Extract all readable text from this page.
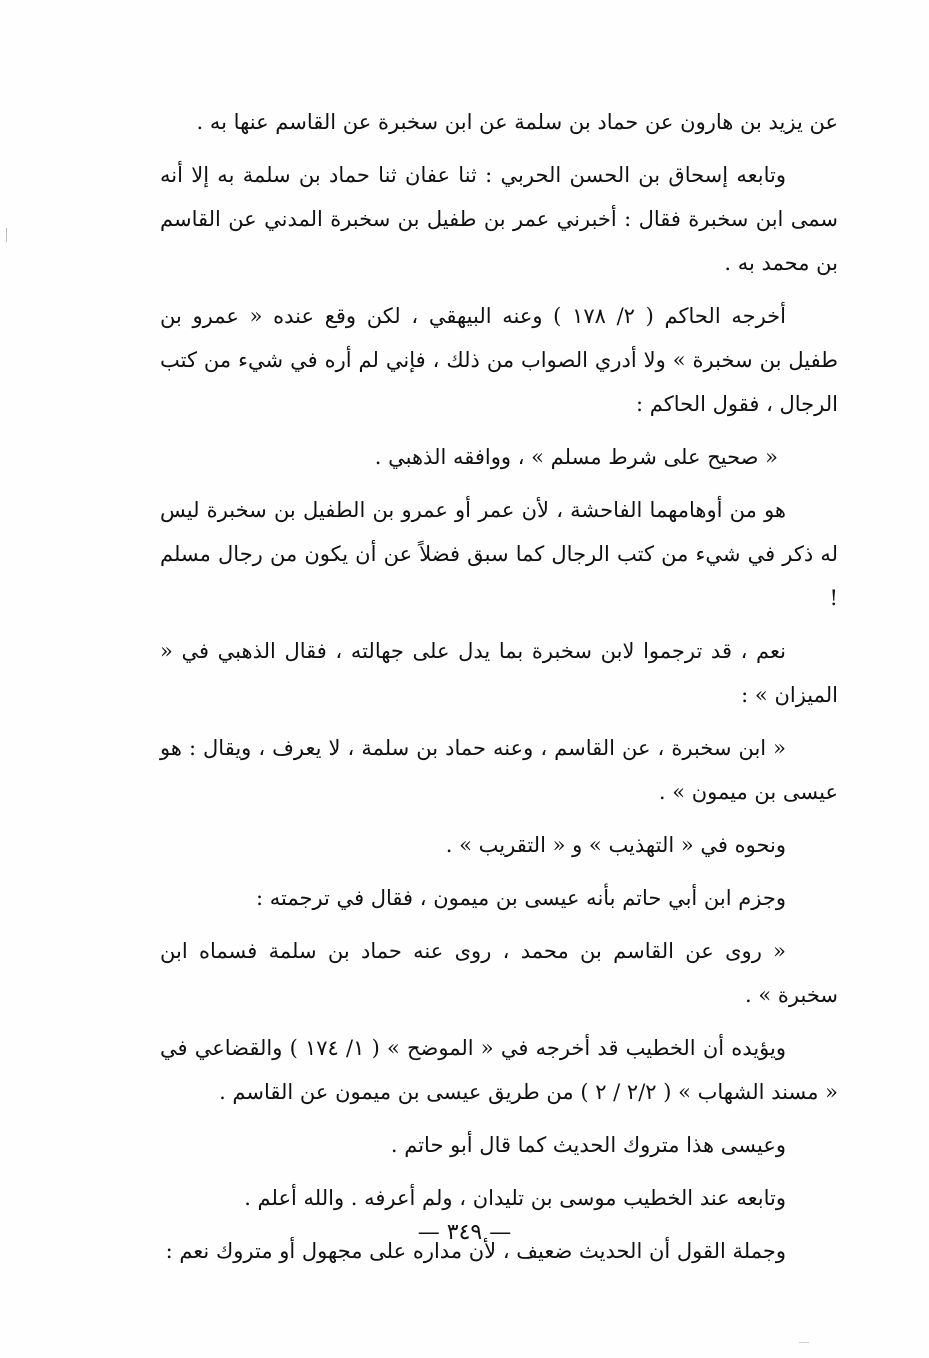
عن يزيد بن هارون عن حماد بن سلمة عن ابن سخبرة عن القاسم عنها به .

وتابعه إسحاق بن الحسن الحربي : ثنا عفان ثنا حماد بن سلمة به إلا أنه سمى ابن سخبرة فقال : أخبرني عمر بن طفيل بن سخبرة المدني عن القاسم بن محمد به .

أخرجه الحاكم ( ٢/ ١٧٨ ) وعنه البيهقي ، لكن وقع عنده « عمرو بن طفيل بن سخبرة » ولا أدري الصواب من ذلك ، فإني لم أره في شيء من كتب الرجال ، فقول الحاكم :

« صحيح على شرط مسلم » ، ووافقه الذهبي .

هو من أوهامهما الفاحشة ، لأن عمر أو عمرو بن الطفيل بن سخبرة ليس له ذكر في شيء من كتب الرجال كما سبق فضلاً عن أن يكون من رجال مسلم !

نعم ، قد ترجموا لابن سخبرة بما يدل على جهالته ، فقال الذهبي في « الميزان » :

« ابن سخبرة ، عن القاسم ، وعنه حماد بن سلمة ، لا يعرف ، ويقال : هو عيسى بن ميمون » .

ونحوه في « التهذيب » و « التقريب » .

وجزم ابن أبي حاتم بأنه عيسى بن ميمون ، فقال في ترجمته :

« روى عن القاسم بن محمد ، روى عنه حماد بن سلمة فسماه ابن سخبرة » .

ويؤيده أن الخطيب قد أخرجه في « الموضح » ( ١/ ١٧٤ ) والقضاعي في « مسند الشهاب » ( ٢/٢ / ٢ ) من طريق عيسى بن ميمون عن القاسم .

وعيسى هذا متروك الحديث كما قال أبو حاتم .

وتابعه عند الخطيب موسى بن تليدان ، ولم أعرفه . والله أعلم .

وجملة القول أن الحديث ضعيف ، لأن مداره على مجهول أو متروك نعم :

— ٣٤٩ —
